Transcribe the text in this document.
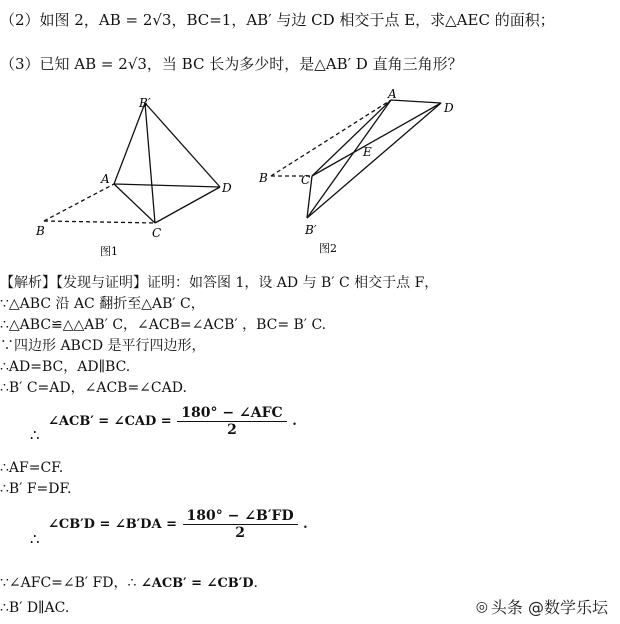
（2）如图 2，AB = 2√3，BC=1，AB′ 与边 CD 相交于点 E，求△AEC 的面积；
（3）已知 AB = 2√3，当 BC 长为多少时，是△AB′ D 直角三角形？
B′
A
D
B	C
图1
A
D
E
B	C
B′
图2
【解析】【发现与证明】证明：如答图 1，设 AD 与 B′ C 相交于点 F，
∵△ABC 沿 AC 翻折至△AB′ C，
∴△ABC≌△△AB′ C，∠ACB=∠ACB′ ，BC= B′ C.
∵四边形 ABCD 是平行四边形，
∴AD=BC，AD∥BC.
∴B′ C=AD，∠ACB=∠CAD.
∴
∠ACB′ = ∠CAD = $\frac{\text{180° − ∠AFC}}{2}$ .
∴AF=CF.
∴B′ F=DF.
∴
∠CB′D = ∠B′DA = $\frac{180^\circ - \angle B'FD}{2}$ .
∵∠AFC=∠B′ FD，∴ ∠ACB′ = ∠CB′D.
∴B′ D∥AC.	◎ 头条 @数学乐坛
